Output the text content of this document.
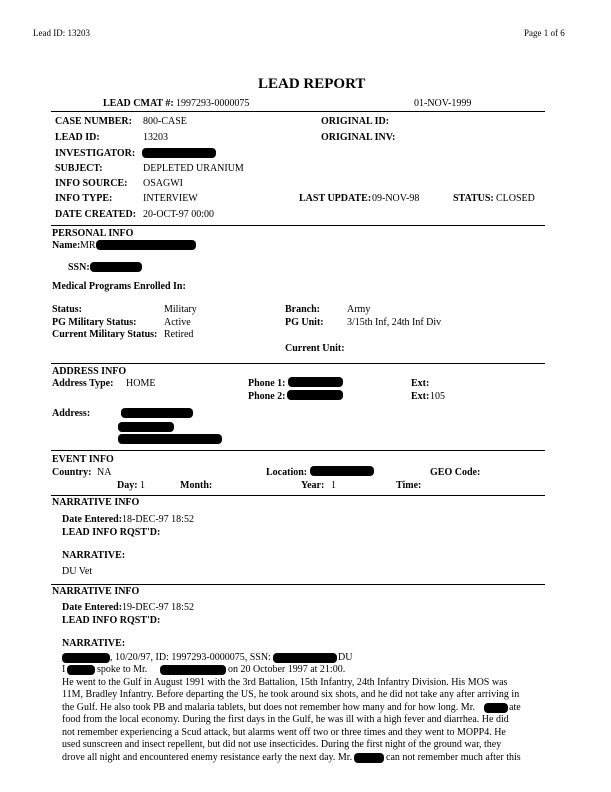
Lead ID: 13203	Page 1 of 6
LEAD REPORT
LEAD CMAT #: 1997293-0000075	01-NOV-1999
CASE NUMBER: 800-CASE	ORIGINAL ID:
LEAD ID:	13203	ORIGINAL INV:
INVESTIGATOR:
SUBJECT:	DEPLETED URANIUM
INFO SOURCE: OSAGWI
INFO TYPE:	INTERVIEW	LAST UPDATE: 09-NOV-98	STATUS: CLOSED
DATE CREATED: 20-OCT-97 00:00
PERSONAL INFO
Name: MR
SSN:
Medical Programs Enrolled In:
Status:	Military	Branch:	Army
PG Military Status:	Active	PG Unit: 3/15th Inf, 24th Inf Div
Current Military Status: Retired
Current Unit:
ADDRESS INFO
Address Type: HOME	Phone 1:	Ext:
Phone 2:	Ext: 105
Address:
EVENT INFO
Country: NA	Location:	GEO Code:
Day: 1	Month:	Year: 1	Time:
NARRATIVE INFO
Date Entered: 18-DEC-97 18:52
LEAD INFO RQST'D:
NARRATIVE:
DU Vet
NARRATIVE INFO
Date Entered: 19-DEC-97 18:52
LEAD INFO RQST'D:
NARRATIVE:
, 10/20/97, ID: 1997293-0000075, SSN:	DU
I	spoke to Mr.	on 20 October 1997 at 21:00.
He went to the Gulf in August 1991 with the 3rd Battalion, 15th Infantry, 24th Infantry Division. His MOS was
11M, Bradley Infantry. Before departing the US, he took around six shots, and he did not take any after arriving in
the Gulf. He also took PB and malaria tablets, but does not remember how many and for how long. Mr.	ate
food from the local economy. During the first days in the Gulf, he was ill with a high fever and diarrhea. He did
not remember experiencing a Scud attack, but alarms went off two or three times and they went to MOPP4. He
used sunscreen and insect repellent, but did not use insecticides. During the first night of the ground war, they
drove all night and encountered enemy resistance early the next day. Mr.	can not remember much after this
